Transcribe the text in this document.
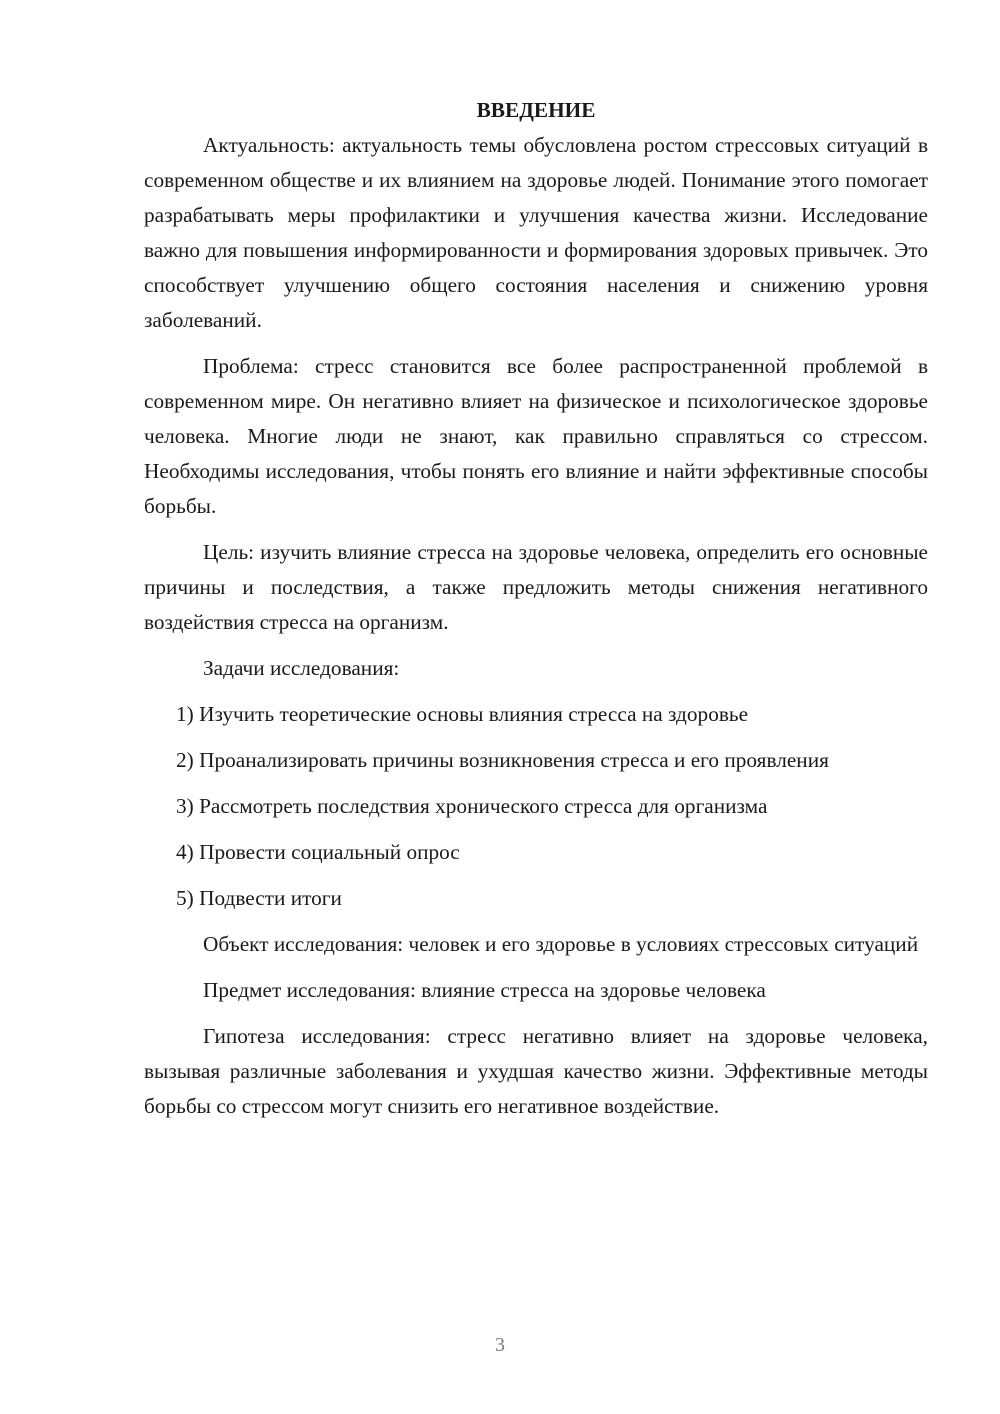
ВВЕДЕНИЕ

Актуальность: актуальность темы обусловлена ростом стрессовых ситуаций в современном обществе и их влиянием на здоровье людей. Понимание этого помогает разрабатывать меры профилактики и улучшения качества жизни. Исследование важно для повышения информированности и формирования здоровых привычек. Это способствует улучшению общего состояния населения и снижению уровня заболеваний.

Проблема: стресс становится все более распространенной проблемой в современном мире. Он негативно влияет на физическое и психологическое здоровье человека. Многие люди не знают, как правильно справляться со стрессом. Необходимы исследования, чтобы понять его влияние и найти эффективные способы борьбы.

Цель: изучить влияние стресса на здоровье человека, определить его основные причины и последствия, а также предложить методы снижения негативного воздействия стресса на организм.

Задачи исследования:

1) Изучить теоретические основы влияния стресса на здоровье

2) Проанализировать причины возникновения стресса и его проявления

3) Рассмотреть последствия хронического стресса для организма

4) Провести социальный опрос

5) Подвести итоги

Объект исследования: человек и его здоровье в условиях стрессовых ситуаций

Предмет исследования: влияние стресса на здоровье человека

Гипотеза исследования: стресс негативно влияет на здоровье человека, вызывая различные заболевания и ухудшая качество жизни. Эффективные методы борьбы со стрессом могут снизить его негативное воздействие.

3
